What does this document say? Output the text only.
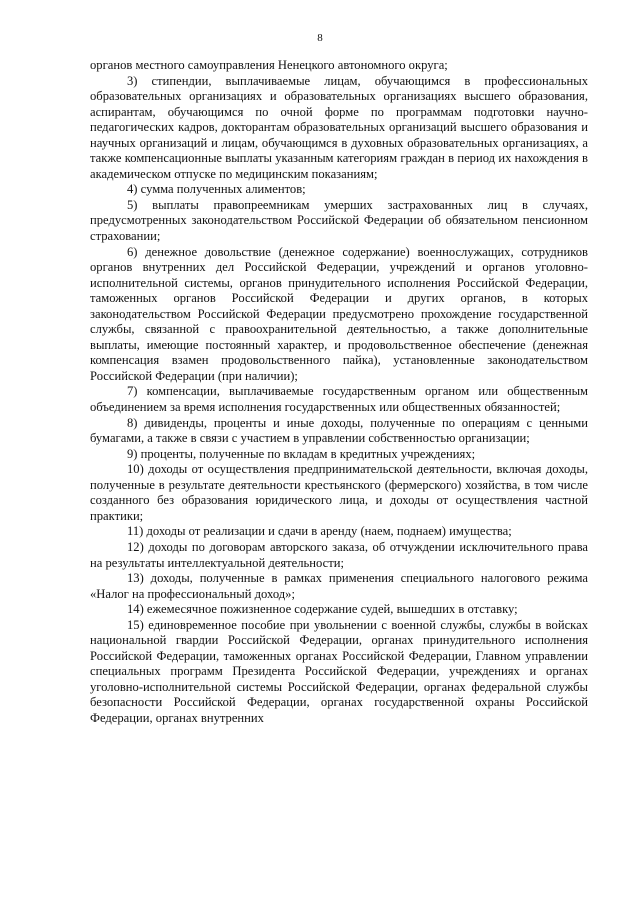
8

органов местного самоуправления Ненецкого автономного округа;

3) стипендии, выплачиваемые лицам, обучающимся в профессиональных образовательных организациях и образовательных организациях высшего образования, аспирантам, обучающимся по очной форме по программам подготовки научно-педагогических кадров, докторантам образовательных организаций высшего образования и научных организаций и лицам, обучающимся в духовных образовательных организациях, а также компенсационные выплаты указанным категориям граждан в период их нахождения в академическом отпуске по медицинским показаниям;

4) сумма полученных алиментов;

5) выплаты правопреемникам умерших застрахованных лиц в случаях, предусмотренных законодательством Российской Федерации об обязательном пенсионном страховании;

6) денежное довольствие (денежное содержание) военнослужащих, сотрудников органов внутренних дел Российской Федерации, учреждений и органов уголовно-исполнительной системы, органов принудительного исполнения Российской Федерации, таможенных органов Российской Федерации и других органов, в которых законодательством Российской Федерации предусмотрено прохождение государственной службы, связанной с правоохранительной деятельностью, а также дополнительные выплаты, имеющие постоянный характер, и продовольственное обеспечение (денежная компенсация взамен продовольственного пайка), установленные законодательством Российской Федерации (при наличии);

7) компенсации, выплачиваемые государственным органом или общественным объединением за время исполнения государственных или общественных обязанностей;

8) дивиденды, проценты и иные доходы, полученные по операциям с ценными бумагами, а также в связи с участием в управлении собственностью организации;

9) проценты, полученные по вкладам в кредитных учреждениях;

10) доходы от осуществления предпринимательской деятельности, включая доходы, полученные в результате деятельности крестьянского (фермерского) хозяйства, в том числе созданного без образования юридического лица, и доходы от осуществления частной практики;

11) доходы от реализации и сдачи в аренду (наем, поднаем) имущества;

12) доходы по договорам авторского заказа, об отчуждении исключительного права на результаты интеллектуальной деятельности;

13) доходы, полученные в рамках применения специального налогового режима «Налог на профессиональный доход»;

14) ежемесячное пожизненное содержание судей, вышедших в отставку;

15) единовременное пособие при увольнении с военной службы, службы в войсках национальной гвардии Российской Федерации, органах принудительного исполнения Российской Федерации, таможенных органах Российской Федерации, Главном управлении специальных программ Президента Российской Федерации, учреждениях и органах уголовно-исполнительной системы Российской Федерации, органах федеральной службы безопасности Российской Федерации, органах государственной охраны Российской Федерации, органах внутренних
